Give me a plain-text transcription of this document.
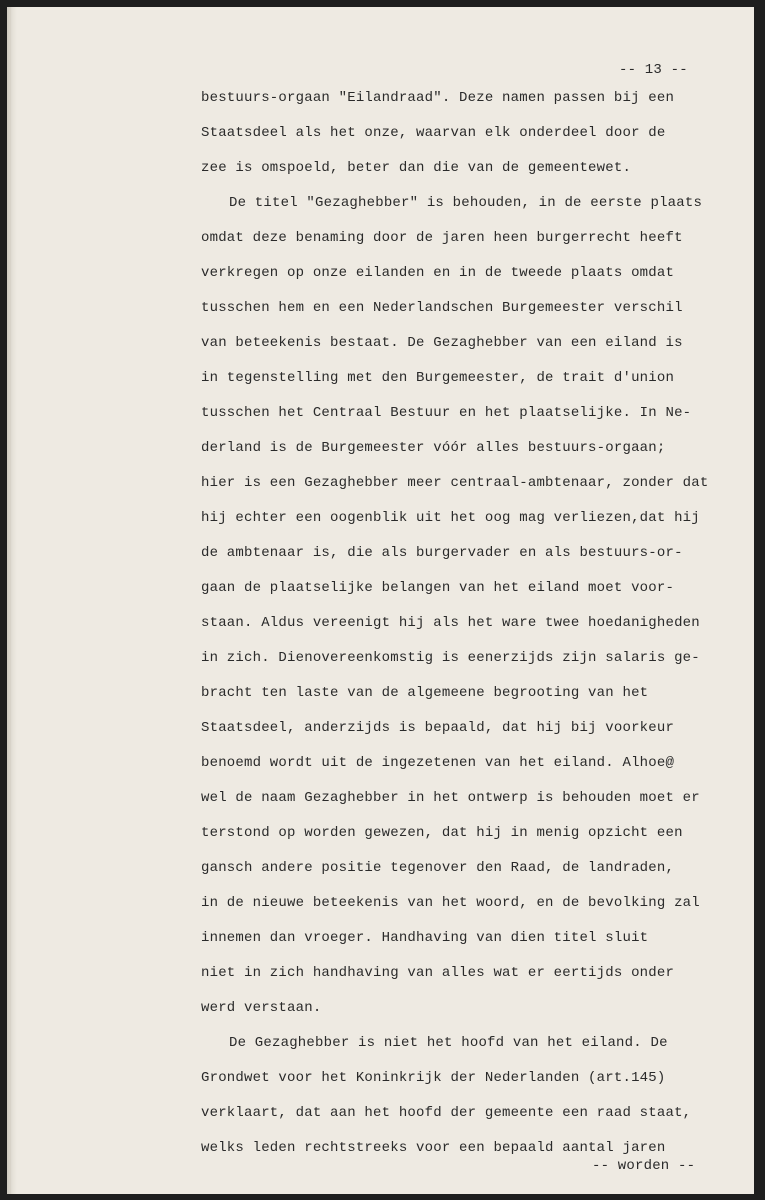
-- 13 --

bestuurs-orgaan "Eilandraad". Deze namen passen bij een

Staatsdeel als het onze, waarvan elk onderdeel door de

zee is omspoeld, beter dan die van de gemeentewet.

De titel "Gezaghebber" is behouden, in de eerste plaats

omdat deze benaming door de jaren heen burgerrecht heeft

verkregen op onze eilanden en in de tweede plaats omdat

tusschen hem en een Nederlandschen Burgemeester verschil

van beteekenis bestaat. De Gezaghebber van een eiland is

in tegenstelling met den Burgemeester, de trait d'union

tusschen het Centraal Bestuur en het plaatselijke. In Ne-

derland is de Burgemeester vóór alles bestuurs-orgaan;

hier is een Gezaghebber meer centraal-ambtenaar, zonder dat

hij echter een oogenblik uit het oog mag verliezen,dat hij

de ambtenaar is, die als burgervader en als bestuurs-or-

gaan de plaatselijke belangen van het eiland moet voor-

staan. Aldus vereenigt hij als het ware twee hoedanigheden

in zich. Dienovereenkomstig is eenerzijds zijn salaris ge-

bracht ten laste van de algemeene begrooting van het

Staatsdeel, anderzijds is bepaald, dat hij bij voorkeur

benoemd wordt uit de ingezetenen van het eiland. Alhoe@

wel de naam Gezaghebber in het ontwerp is behouden moet er

terstond op worden gewezen, dat hij in menig opzicht een

gansch andere positie tegenover den Raad, de landraden,

in de nieuwe beteekenis van het woord, en de bevolking zal

innemen dan vroeger. Handhaving van dien titel sluit

niet in zich handhaving van alles wat er eertijds onder

werd verstaan.

De Gezaghebber is niet het hoofd van het eiland. De

Grondwet voor het Koninkrijk der Nederlanden (art.145)

verklaart, dat aan het hoofd der gemeente een raad staat,

welks leden rechtstreeks voor een bepaald aantal jaren

-- worden --
